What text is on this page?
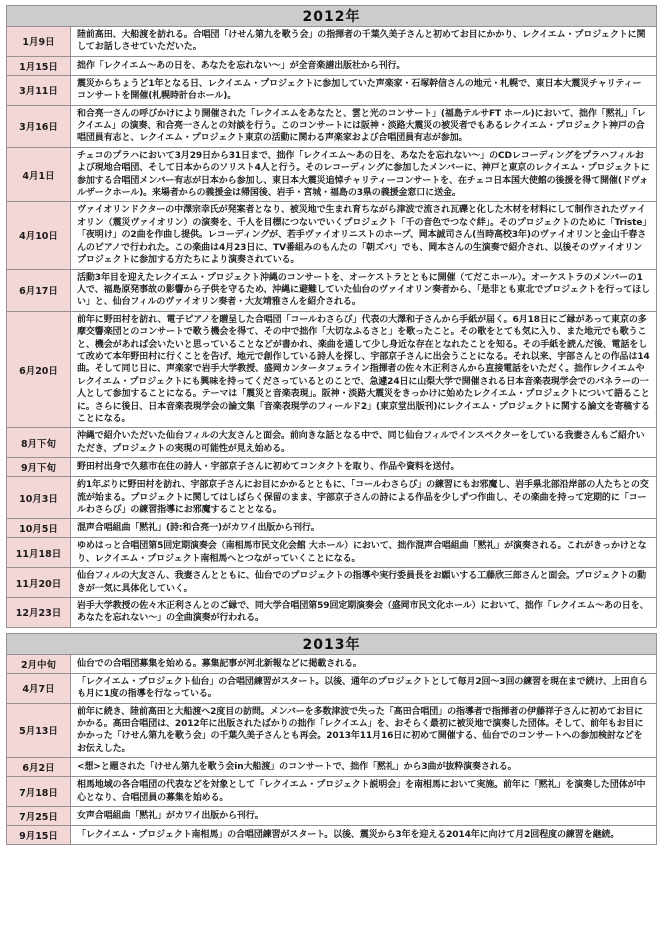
2012年	
1月9日	陸前高田、大船渡を訪れる。合唱団「けせん第九を歌う会」の指揮者の千葉久美子さんと初めてお目にかかり、レクイエム・プロジェクトに関してお話しさせていただいた。
1月15日	拙作「レクイエム〜あの日を、あなたを忘れない〜」が全音楽譜出版社から刊行。
3月11日	震災からちょうど1年となる日、レクイエム・プロジェクトに参加していた声楽家・石塚幹信さんの地元・札幌で、東日本大震災チャリティーコンサートを開催(札幌時計台ホール)。
3月16日	和合亮一さんの呼びかけにより開催された「レクイエムをあなたと、雲と光のコンサート」(福島テルサFT ホール)において、拙作「黙礼」「レクイエム」の演奏、和合亮一さんとの対談を行う。このコンサートには阪神・淡路大震災の被災者でもあるレクイエム・プロジェクト神戸の合唱団員有志と、レクイエム・プロジェクト東京の活動に関わる声楽家および合唱団員有志が参加。
4月1日	チェコのプラハにおいて3月29日から31日まで、拙作「レクイエム〜あの日を、あなたを忘れない〜」のCDレコーディングをプラハフィルおよび現地合唱団、そして日本からのソリスト4人と行う。そのレコーディングに参加したメンバーに、神戸と東京のレクイエム・プロジェクトに参加する合唱団メンバー有志が日本から参加し、東日本大震災追悼チャリティーコンサートを、在チェコ日本国大使館の後援を得て開催(ドヴォルザークホール)。来場者からの義援金は帰国後、岩手・宮城・福島の3県の義援金窓口に送金。
4月10日	ヴァイオリンドクターの中澤宗幸氏が発案者となり、被災地で生まれ育ちながら津波で流され瓦礫と化した木材を材料にして制作されたヴァイオリン（震災ヴァイオリン）の演奏を、千人を目標につないでいくプロジェクト「千の音色でつなぐ絆」。そのプロジェクトのために「Triste」「夜明け」の2曲を作曲し提供。レコーディングが、若手ヴァイオリニストのホープ、岡本誠司さん(当時高校3年)のヴァイオリンと金山千春さんのピアノで行われた。この楽曲は4月23日に、TV番組みのもんたの「朝ズバ」でも、岡本さんの生演奏で紹介され、以後そのヴァイオリンプロジェクトに参加する方たちにより演奏されている。
6月17日	活動3年目を迎えたレクイエム・プロジェクト沖縄のコンサートを、オーケストラとともに開催（てだこホール）。オーケストラのメンバーの1人で、福島原発事故の影響から子供を守るため、沖縄に避難していた仙台のヴァイオリン奏者から、「是非とも東北でプロジェクトを行ってほしい」と、仙台フィルのヴァイオリン奏者・大友靖雅さんを紹介される。
6月20日	前年に野田村を訪れ、電子ピアノを贈呈した合唱団「コールわさらび」代表の大澤和子さんから手紙が届く。6月18日にご縁があって東京の多摩交響楽団とのコンサートで歌う機会を得て、その中で拙作「大切なふるさと」を歌ったこと。その歌をとても気に入り、また地元でも歌うこと、機会があれば会いたいと思っていることなどが書かれ、楽曲を通して少し身近な存在となれたことを知る。その手紙を読んだ後、電話をして改めて本年野田村に行くことを告げ、地元で創作している詩人を探し、宇部京子さんに出会うことになる。それ以来、宇部さんとの作品は14曲。そして同じ日に、声楽家で岩手大学教授、盛岡カンタータフェライン指揮者の佐々木正利さんから直接電話をいただく。拙作レクイエムやレクイエム・プロジェクトにも興味を持ってくださっているとのことで、急遽24日に山梨大学で開催される日本音楽表現学会でのパネラーの一人として参加することになる。テーマは「震災と音楽表現」。阪神・淡路大震災をきっかけに始めたレクイエム・プロジェクトについて語ることに。さらに後日、日本音楽表現学会の論文集「音楽表現学のフィールド2」(東京堂出版刊)にレクイエム・プロジェクトに関する論文を寄稿することになる。
8月下旬	沖縄で紹介いただいた仙台フィルの大友さんと面会。前向きな話となる中で、同じ仙台フィルでインスペクターをしている我妻さんもご紹介いただき、プロジェクトの実現の可能性が見え始める。
9月下旬	野田村出身で久慈市在住の詩人・宇部京子さんに初めてコンタクトを取り、作品や資料を送付。
10月3日	約1年ぶりに野田村を訪れ、宇部京子さんにお目にかかるとともに、「コールわさらび」の練習にもお邪魔し、岩手県北部沿岸部の人たちとの交流が始まる。プロジェクトに関してはしばらく保留のまま、宇部京子さんの詩による作品を少しずつ作曲し、その楽曲を持って定期的に「コールわさらび」の練習指導にお邪魔することとなる。
10月5日	混声合唱組曲「黙礼」(詩:和合亮一)がカワイ出版から刊行。
11月18日	ゆめはっと合唱団第5回定期演奏会（南相馬市民文化会館 大ホール）において、拙作混声合唱組曲「黙礼」が演奏される。これがきっかけとなり、レクイエム・プロジェクト南相馬へとつながっていくことになる。
11月20日	仙台フィルの大友さん、我妻さんとともに、仙台でのプロジェクトの指導や実行委員長をお願いする工藤欣三郎さんと面会。プロジェクトの動きが一気に具体化していく。
12月23日	岩手大学教授の佐々木正利さんとのご縁で、同大学合唱団第59回定期演奏会（盛岡市民文化ホール）において、拙作「レクイエム〜あの日を、あなたを忘れない〜」の全曲演奏が行われる。

2013年	
2月中旬	仙台での合唱団募集を始める。募集記事が河北新報などに掲載される。
4月7日	「レクイエム・プロジェクト仙台」の合唱団練習がスタート。以後、通年のプロジェクトとして毎月2回〜3回の練習を現在まで続け、上田自らも月に1度の指導を行なっている。
5月13日	前年に続き、陸前高田と大船渡へ2度目の訪問。メンバーを多数津波で失った「高田合唱団」の指導者で指揮者の伊藤祥子さんに初めてお目にかかる。高田合唱団は、2012年に出版されたばかりの拙作「レクイエム」を、おそらく最初に被災地で演奏した団体。そして、前年もお目にかかった「けせん第九を歌う会」の千葉久美子さんとも再会。2013年11月16日に初めて開催する、仙台でのコンサートへの参加検討などをお伝えした。
6月2日	<想>と題された「けせん第九を歌う会in大船渡」のコンサートで、拙作「黙礼」から3曲が抜粋演奏される。
7月18日	相馬地域の各合唱団の代表などを対象として「レクイエム・プロジェクト説明会」を南相馬において実施。前年に「黙礼」を演奏した団体が中心となり、合唱団員の募集を始める。
7月25日	女声合唱組曲「黙礼」がカワイ出版から刊行。
9月15日	「レクイエム・プロジェクト南相馬」の合唱団練習がスタート。以後、震災から3年を迎える2014年に向けて月2回程度の練習を継続。
